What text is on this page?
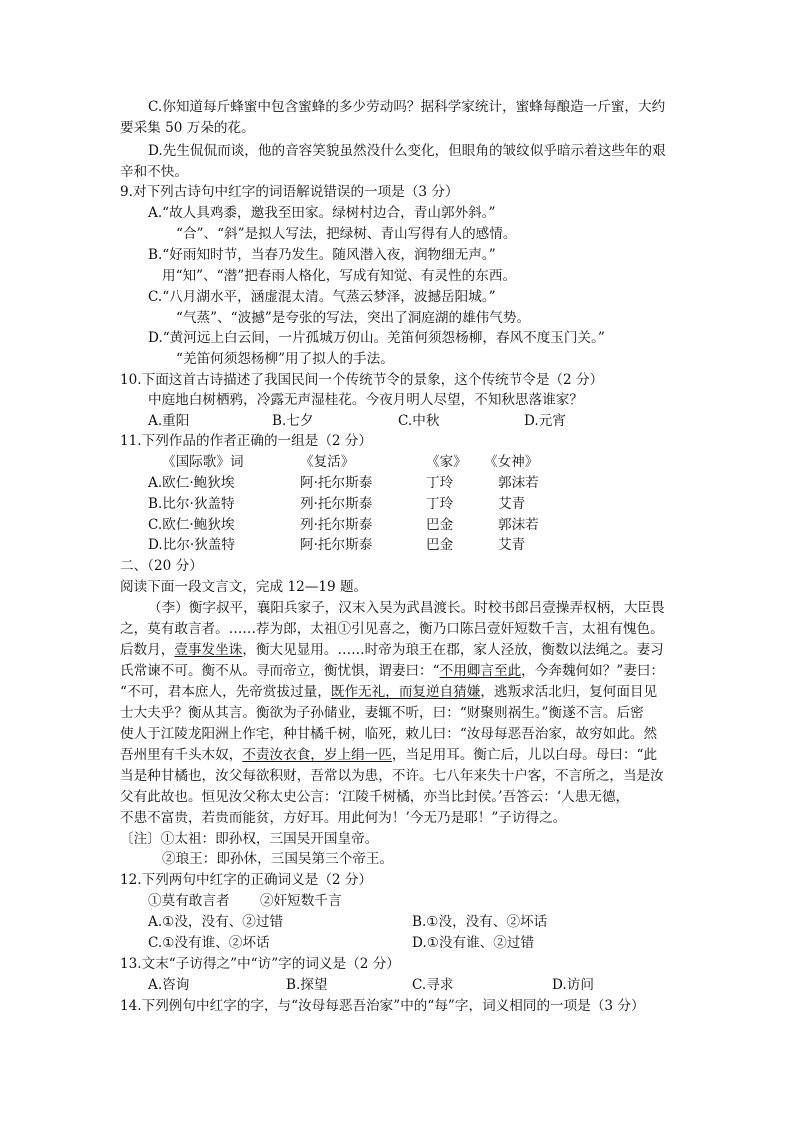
C.你知道每斤蜂蜜中包含蜜蜂的多少劳动吗？据科学家统计，蜜蜂每酿造一斤蜜，大约
要采集 50 万朵的花。
D.先生侃侃而谈，他的音容笑貌虽然没什么变化，但眼角的皱纹似乎暗示着这些年的艰
辛和不快。
9.对下列古诗句中红字的词语解说错误的一项是（3 分）
A.“故人具鸡黍，邀我至田家。绿树村边合，青山郭外斜。”
“合”、“斜”是拟人写法，把绿树、青山写得有人的感情。
B.“好雨知时节，当春乃发生。随风潜入夜，润物细无声。”
用“知”、“潜”把春雨人格化，写成有知觉、有灵性的东西。
C.“八月湖水平，涵虚混太清。气蒸云梦泽，波撼岳阳城。”
“气蒸”、“波撼”是夸张的写法，突出了洞庭湖的雄伟气势。
D.“黄河远上白云间，一片孤城万仞山。羌笛何须怨杨柳，春风不度玉门关。”
“羌笛何须怨杨柳”用了拟人的手法。
10.下面这首古诗描述了我国民间一个传统节令的景象，这个传统节令是（2 分）
中庭地白树栖鸦，冷露无声湿桂花。今夜月明人尽望，不知秋思落谁家？
A.重阳	B.七夕	C.中秋	D.元宵
11.下列作品的作者正确的一组是（2 分）
《国际歌》词	《复活》	《家》 《女神》
A.欧仁·鲍狄埃	阿·托尔斯泰	丁玲	郭沫若
B.比尔·狄盖特	列·托尔斯泰	丁玲	艾青
C.欧仁·鲍狄埃	列·托尔斯泰	巴金	郭沫若
D.比尔·狄盖特	阿·托尔斯泰	巴金	艾青
二、（20 分）
阅读下面一段文言文，完成 12—19 题。
（李）衡字叔平，襄阳兵家子，汉末入吴为武昌渡长。时校书郎吕壹操弄权柄，大臣畏
之，莫有敢言者。……荐为郎，太祖①引见喜之，衡乃口陈吕壹奸短数千言，太祖有愧色。
后数月，壹事发坐诛，衡大见显用。……时帝为琅王在郡，家人泾放，衡数以法绳之。妻习
氏常谏不可。衡不从。寻而帝立，衡忧惧，谓妻曰：“不用卿言至此，今奔魏何如？”妻曰：
“不可，君本庶人，先帝赏拔过量，既作无礼，而复逆自猜嫌，逃叛求活北归，复何面目见
士大夫乎？衡从其言。衡欲为子孙储业，妻辄不听，曰：“财聚则祸生。”衡遂不言。后密
使人于江陵龙阳洲上作宅，种甘橘千树，临死，敕儿曰：“汝母每恶吾治家，故穷如此。然
吾州里有千头木奴，不责汝衣食，岁上绢一匹，当足用耳。衡亡后，儿以白母。母曰：“此
当是种甘橘也，汝父每欲积财，吾常以为患，不许。七八年来失十户客，不言所之，当是汝
父有此故也。恒见汝父称太史公言：‘江陵千树橘，亦当比封侯。’吾答云：‘人患无德，
不患不富贵，若贵而能贫，方好耳。用此何为！’今无乃是耶！”子访得之。
〔注〕①太祖：即孙权，三国吴开国皇帝。
②琅王：即孙休，三国吴第三个帝王。
12.下列两句中红字的正确词义是（2 分）
①莫有敢言者 ②奸短数千言
A.①没，没有、②过错	B.①没，没有、②坏话
C.①没有谁、②坏话	D.①没有谁、②过错
13.文末“子访得之”中“访”字的词义是（2 分）
A.咨询	B.探望	C.寻求	D.访问
14.下列例句中红字的字，与“汝母每恶吾治家”中的“每”字，词义相同的一项是（3 分）
